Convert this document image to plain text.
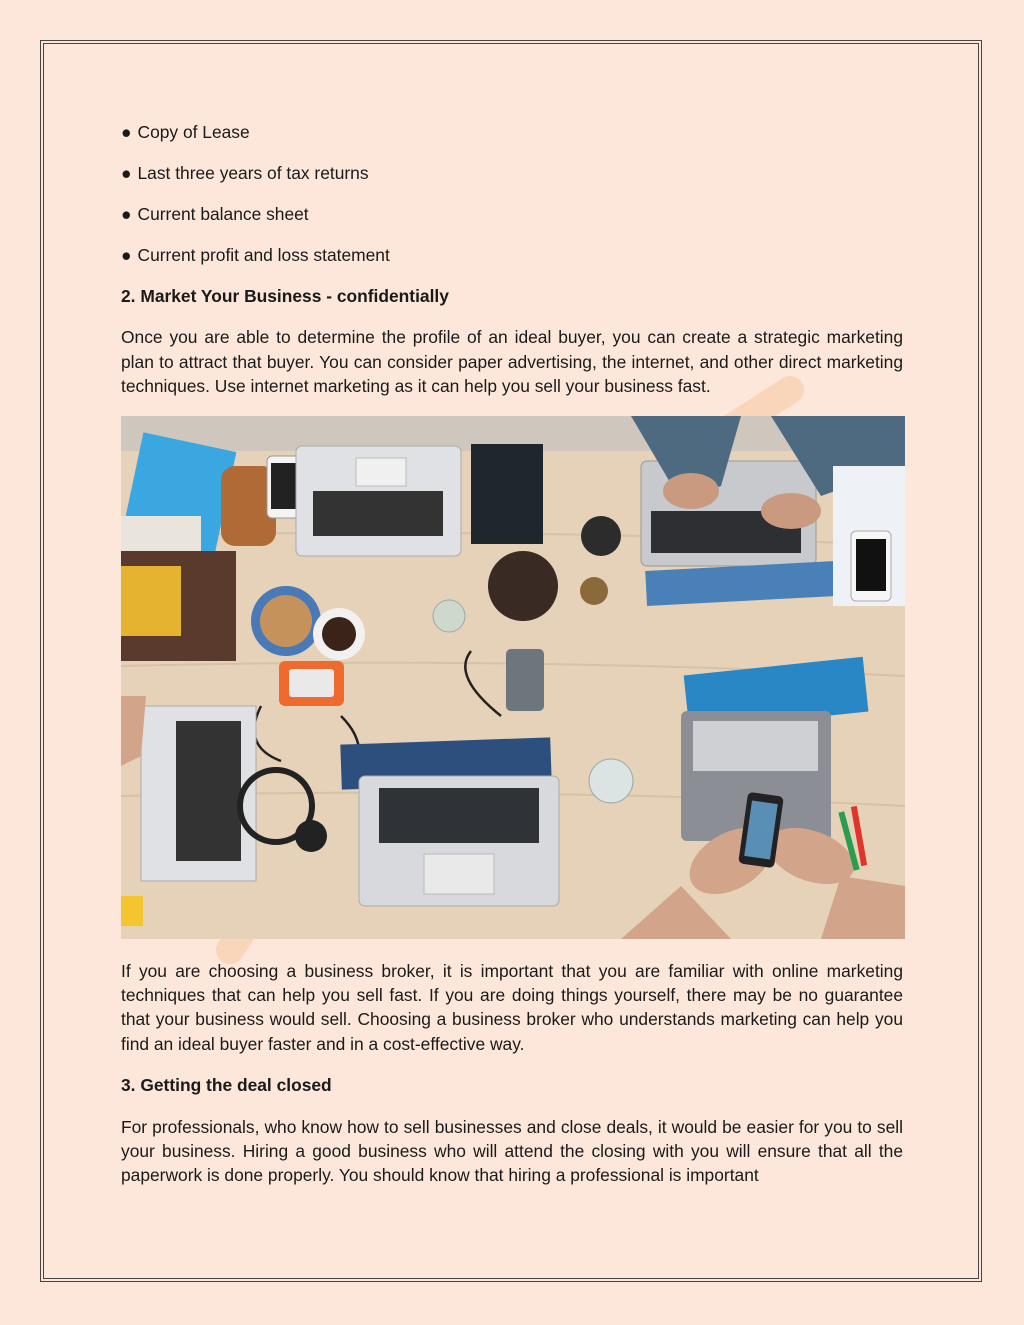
● Copy of Lease

● Last three years of tax returns

● Current balance sheet

● Current profit and loss statement

2. Market Your Business - confidentially

Once you are able to determine the profile of an ideal buyer, you can create a strategic marketing plan to attract that buyer. You can consider paper advertising, the internet, and other direct marketing techniques. Use internet marketing as it can help you sell your business fast.

If you are choosing a business broker, it is important that you are familiar with online marketing techniques that can help you sell fast. If you are doing things yourself, there may be no guarantee that your business would sell. Choosing a business broker who understands marketing can help you find an ideal buyer faster and in a cost-effective way.

3. Getting the deal closed

For professionals, who know how to sell businesses and close deals, it would be easier for you to sell your business. Hiring a good business who will attend the closing with you will ensure that all the paperwork is done properly. You should know that hiring a professional is important
